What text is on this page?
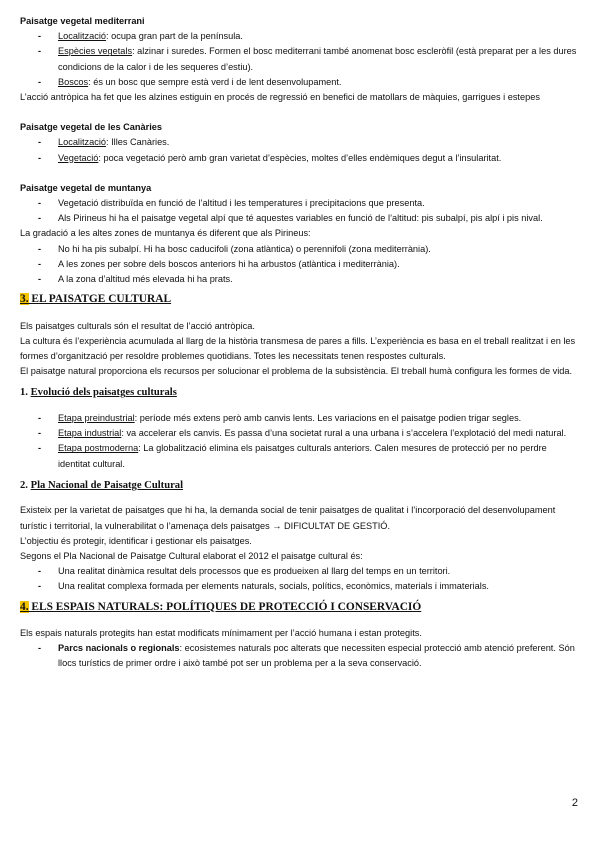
Paisatge vegetal mediterrani

- Localització: ocupa gran part de la península.

- Espècies vegetals: alzinar i suredes. Formen el bosc mediterrani també anomenat bosc escleròfil (està preparat per a les dures condicions de la calor i de les sequeres d’estiu).

- Boscos: és un bosc que sempre està verd i de lent desenvolupament.

L’acció antròpica ha fet que les alzines estiguin en procés de regressió en benefici de matollars de màquies, garrigues i estepes

Paisatge vegetal de les Canàries

- Localització: Illes Canàries.

- Vegetació: poca vegetació però amb gran varietat d’espècies, moltes d’elles endèmiques degut a l’insularitat.

Paisatge vegetal de muntanya

- Vegetació distribuïda en funció de l’altitud i les temperatures i precipitacions que presenta.

- Als Pirineus hi ha el paisatge vegetal alpí que té aquestes variables en funció de l’altitud: pis subalpí, pis alpí i pis nival.

La gradació a les altes zones de muntanya és diferent que als Pirineus:

- No hi ha pis subalpí. Hi ha bosc caducifoli (zona atlàntica) o perennifoli (zona mediterrània).

- A les zones per sobre dels boscos anteriors hi ha arbustos (atlàntica i mediterrània).

- A la zona d’altitud més elevada hi ha prats.

3. EL PAISATGE CULTURAL

Els paisatges culturals són el resultat de l’acció antròpica.

La cultura és l’experiència acumulada al llarg de la història transmesa de pares a fills. L’experiència es basa en el treball realitzat i en les formes d’organització per resoldre problemes quotidians. Totes les necessitats tenen respostes culturals.

El paisatge natural proporciona els recursos per solucionar el problema de la subsistència. El treball humà configura les formes de vida.

1. Evolució dels paisatges culturals

- Etapa preindustrial: període més extens però amb canvis lents. Les variacions en el paisatge podien trigar segles.

- Etapa industrial: va accelerar els canvis. Es passa d’una societat rural a una urbana i s’accelera l’explotació del medi natural.

- Etapa postmoderna: La globalització elimina els paisatges culturals anteriors. Calen mesures de protecció per no perdre identitat cultural.

2. Pla Nacional de Paisatge Cultural

Existeix per la varietat de paisatges que hi ha, la demanda social de tenir paisatges de qualitat i l’incorporació del desenvolupament turístic i territorial, la vulnerabilitat o l’amenaça dels paisatges → DIFICULTAT DE GESTIÓ.

L’objectiu és protegir, identificar i gestionar els paisatges.

Segons el Pla Nacional de Paisatge Cultural elaborat el 2012 el paisatge cultural és:

- Una realitat dinàmica resultat dels processos que es produeixen al llarg del temps en un territori.

- Una realitat complexa formada per elements naturals, socials, polítics, econòmics, materials i immaterials.

4. ELS ESPAIS NATURALS: POLÍTIQUES DE PROTECCIÓ I CONSERVACIÓ

Els espais naturals protegits han estat modificats mínimament per l’acció humana i estan protegits.

- Parcs nacionals o regionals: ecosistemes naturals poc alterats que necessiten especial protecció amb atenció preferent. Són llocs turístics de primer ordre i això també pot ser un problema per a la seva conservació.

2
